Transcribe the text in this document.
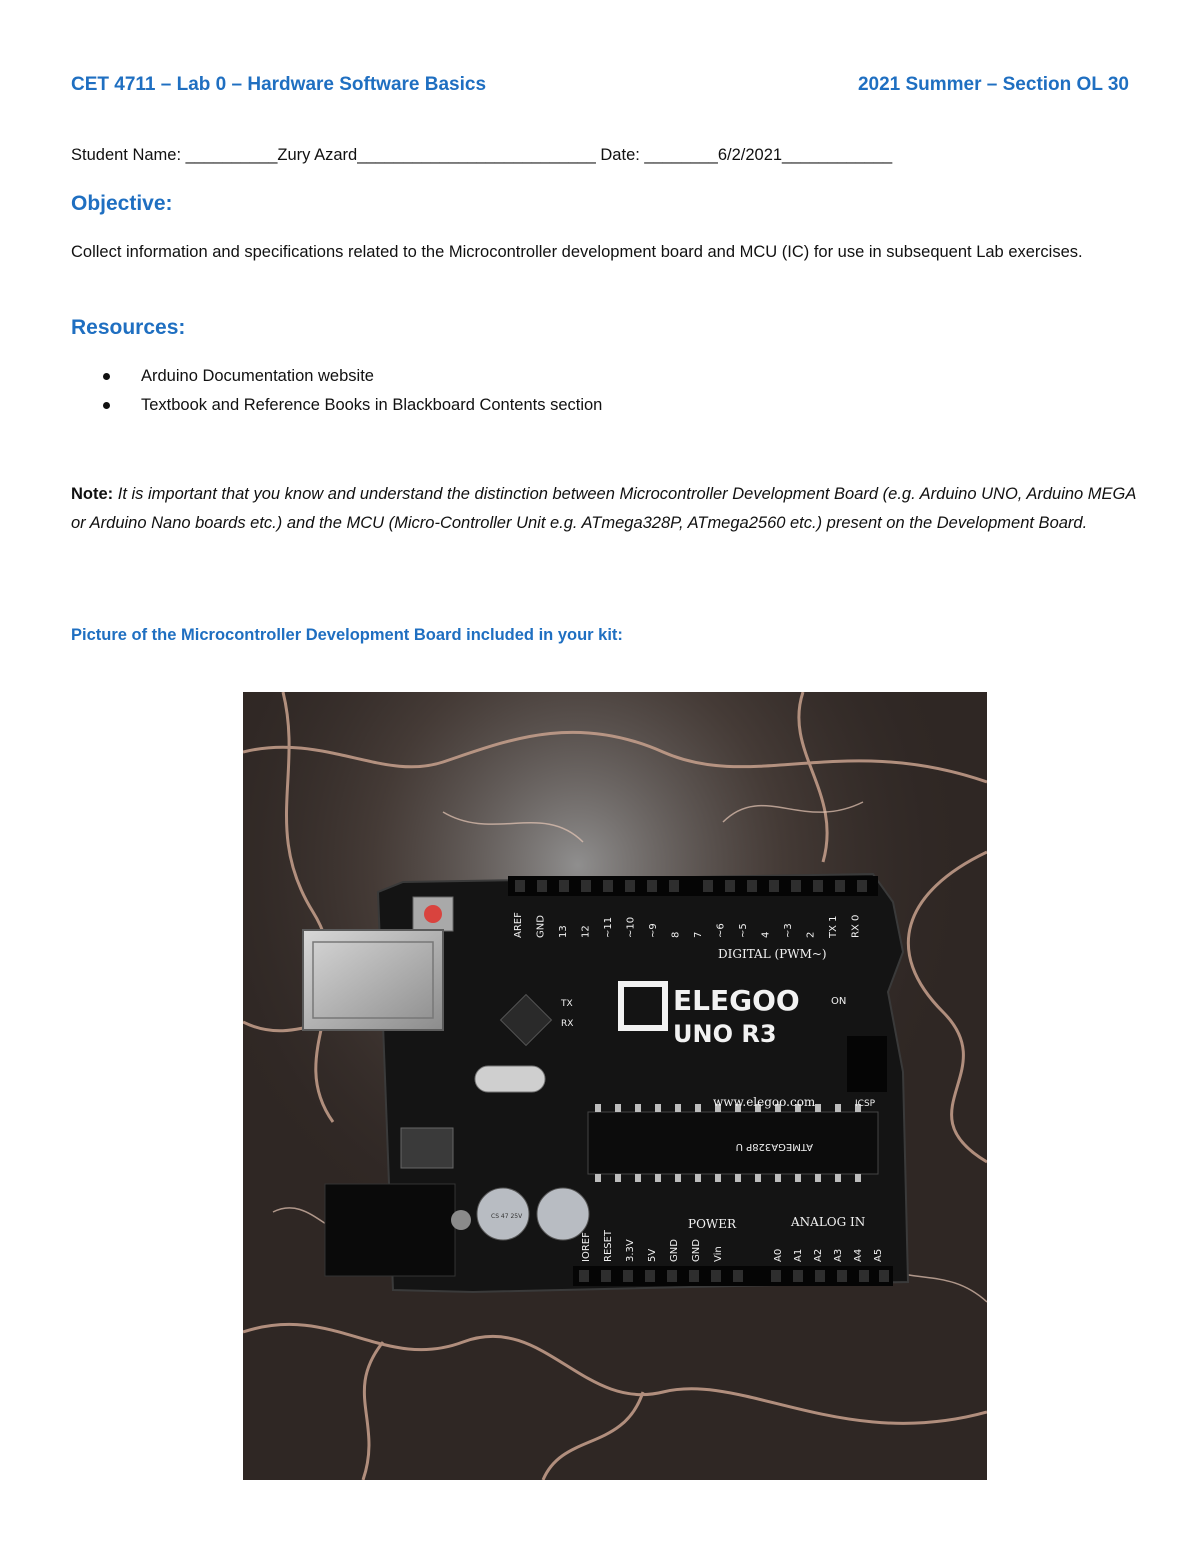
CET 4711 – Lab 0 – Hardware Software Basics	2021 Summer – Section OL 30
Student Name: __________Zury Azard__________________________ Date: ________6/2/2021____________
Objective:
Collect information and specifications related to the Microcontroller development board and MCU (IC) for use in subsequent Lab exercises.
Resources:
Arduino Documentation website
Textbook and Reference Books in Blackboard Contents section
Note: It is important that you know and understand the distinction between Microcontroller Development Board (e.g. Arduino UNO, Arduino MEGA or Arduino Nano boards etc.) and the MCU (Micro-Controller Unit e.g. ATmega328P, ATmega2560 etc.) present on the Development Board.
Picture of the Microcontroller Development Board included in your kit:
ELEGOO
UNO R3
www.elegoo.com
DIGITAL (PWM~)
POWER	ANALOG IN
ATMEGA328P U
ICSP
ON
TX
RX
CS 47 25V
IOREF RESET 3.3V 5V GND GND Vin	A0 A1 A2 A3 A4 A5
AREF GND 13 12 ~11 ~10 ~9 8 7 ~6 ~5 4 ~3 2 TX 1 RX 0
